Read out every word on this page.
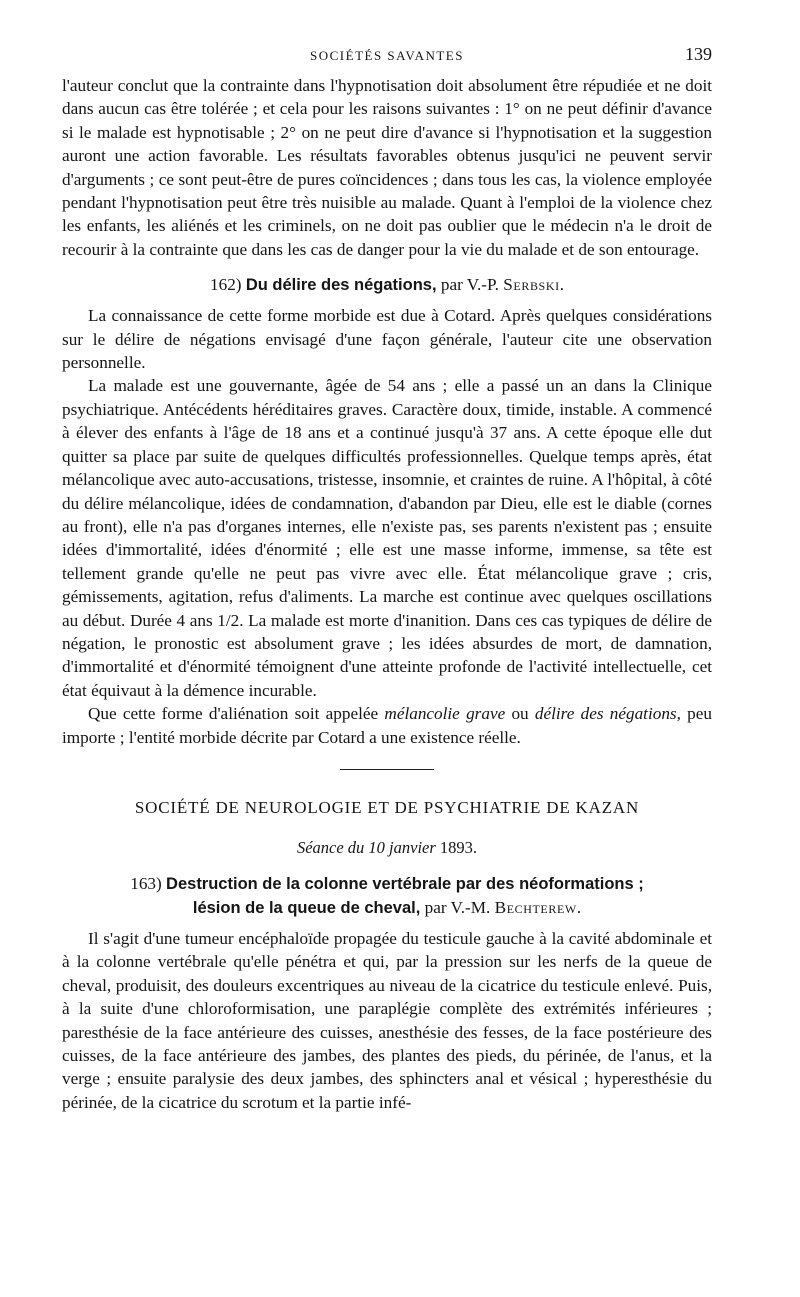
SOCIÉTÉS SAVANTES	139

l'auteur conclut que la contrainte dans l'hypnotisation doit absolument être répudiée et ne doit dans aucun cas être tolérée ; et cela pour les raisons suivantes : 1° on ne peut définir d'avance si le malade est hypnotisable ; 2° on ne peut dire d'avance si l'hypnotisation et la suggestion auront une action favorable. Les résultats favorables obtenus jusqu'ici ne peuvent servir d'arguments ; ce sont peut-être de pures coïncidences ; dans tous les cas, la violence employée pendant l'hypnotisation peut être très nuisible au malade. Quant à l'emploi de la violence chez les enfants, les aliénés et les criminels, on ne doit pas oublier que le médecin n'a le droit de recourir à la contrainte que dans les cas de danger pour la vie du malade et de son entourage.

162) Du délire des négations, par V.-P. Serbski.

La connaissance de cette forme morbide est due à Cotard. Après quelques considérations sur le délire de négations envisagé d'une façon générale, l'auteur cite une observation personnelle.

La malade est une gouvernante, âgée de 54 ans ; elle a passé un an dans la Clinique psychiatrique. Antécédents héréditaires graves. Caractère doux, timide, instable. A commencé à élever des enfants à l'âge de 18 ans et a continué jusqu'à 37 ans. A cette époque elle dut quitter sa place par suite de quelques difficultés professionnelles. Quelque temps après, état mélancolique avec auto-accusations, tristesse, insomnie, et craintes de ruine. A l'hôpital, à côté du délire mélancolique, idées de condamnation, d'abandon par Dieu, elle est le diable (cornes au front), elle n'a pas d'organes internes, elle n'existe pas, ses parents n'existent pas ; ensuite idées d'immortalité, idées d'énormité ; elle est une masse informe, immense, sa tête est tellement grande qu'elle ne peut pas vivre avec elle. État mélancolique grave ; cris, gémissements, agitation, refus d'aliments. La marche est continue avec quelques oscillations au début. Durée 4 ans 1/2. La malade est morte d'inanition. Dans ces cas typiques de délire de négation, le pronostic est absolument grave ; les idées absurdes de mort, de damnation, d'immortalité et d'énormité témoignent d'une atteinte profonde de l'activité intellectuelle, cet état équivaut à la démence incurable.

Que cette forme d'aliénation soit appelée mélancolie grave ou délire des négations, peu importe ; l'entité morbide décrite par Cotard a une existence réelle.

SOCIÉTÉ DE NEUROLOGIE ET DE PSYCHIATRIE DE KAZAN
Séance du 10 janvier 1893.
163) Destruction de la colonne vertébrale par des néoformations ;
lésion de la queue de cheval, par V.-M. Bechterew.

Il s'agit d'une tumeur encéphaloïde propagée du testicule gauche à la cavité abdominale et à la colonne vertébrale qu'elle pénétra et qui, par la pression sur les nerfs de la queue de cheval, produisit, des douleurs excentriques au niveau de la cicatrice du testicule enlevé. Puis, à la suite d'une chloroformisation, une paraplégie complète des extrémités inférieures ; paresthésie de la face antérieure des cuisses, anesthésie des fesses, de la face postérieure des cuisses, de la face antérieure des jambes, des plantes des pieds, du périnée, de l'anus, et la verge ; ensuite paralysie des deux jambes, des sphincters anal et vésical ; hyperesthésie du périnée, de la cicatrice du scrotum et la partie infé-
